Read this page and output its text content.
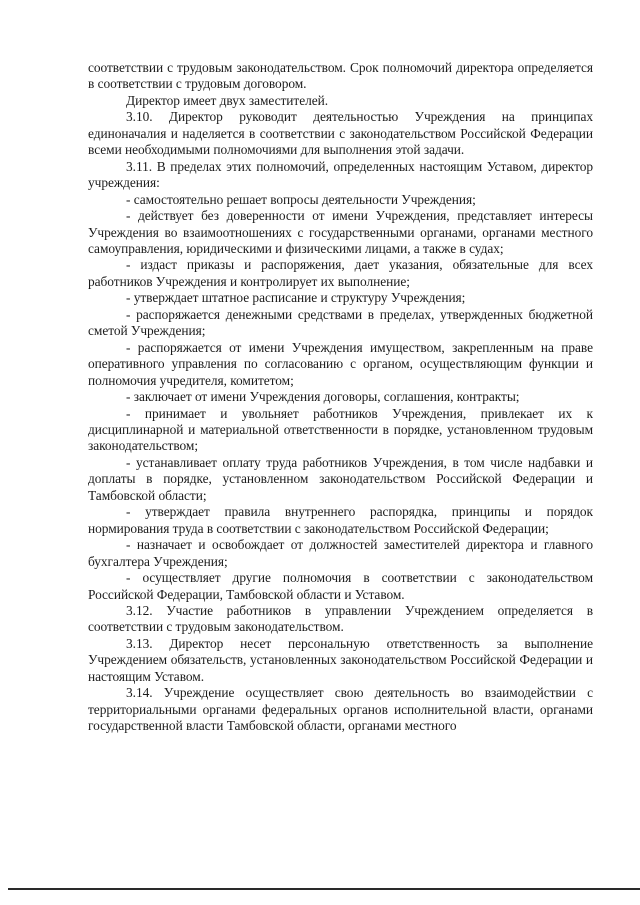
соответствии с трудовым законодательством. Срок полномочий директора определяется в соответствии с трудовым договором.

Директор имеет двух заместителей.

3.10. Директор руководит деятельностью Учреждения на принципах единоначалия и наделяется в соответствии с законодательством Российской Федерации всеми необходимыми полномочиями для выполнения этой задачи.

3.11. В пределах этих полномочий, определенных настоящим Уставом, директор учреждения:

- самостоятельно решает вопросы деятельности Учреждения;

- действует без доверенности от имени Учреждения, представляет интересы Учреждения во взаимоотношениях с государственными органами, органами местного самоуправления, юридическими и физическими лицами, а также в судах;

- издаст приказы и распоряжения, дает указания, обязательные для всех работников Учреждения и контролирует их выполнение;

- утверждает штатное расписание и структуру Учреждения;

- распоряжается денежными средствами в пределах, утвержденных бюджетной сметой Учреждения;

- распоряжается от имени Учреждения имуществом, закрепленным на праве оперативного управления по согласованию с органом, осуществляющим функции и полномочия учредителя, комитетом;

- заключает от имени Учреждения договоры, соглашения, контракты;

- принимает и увольняет работников Учреждения, привлекает их к дисциплинарной и материальной ответственности в порядке, установленном трудовым законодательством;

- устанавливает оплату труда работников Учреждения, в том числе надбавки и доплаты в порядке, установленном законодательством Российской Федерации и Тамбовской области;

- утверждает правила внутреннего распорядка, принципы и порядок нормирования труда в соответствии с законодательством Российской Федерации;

- назначает и освобождает от должностей заместителей директора и главного бухгалтера Учреждения;

- осуществляет другие полномочия в соответствии с законодательством Российской Федерации, Тамбовской области и Уставом.

3.12. Участие работников в управлении Учреждением определяется в соответствии с трудовым законодательством.

3.13. Директор несет персональную ответственность за выполнение Учреждением обязательств, установленных законодательством Российской Федерации и настоящим Уставом.

3.14. Учреждение осуществляет свою деятельность во взаимодействии с территориальными органами федеральных органов исполнительной власти, органами государственной власти Тамбовской области, органами местного
